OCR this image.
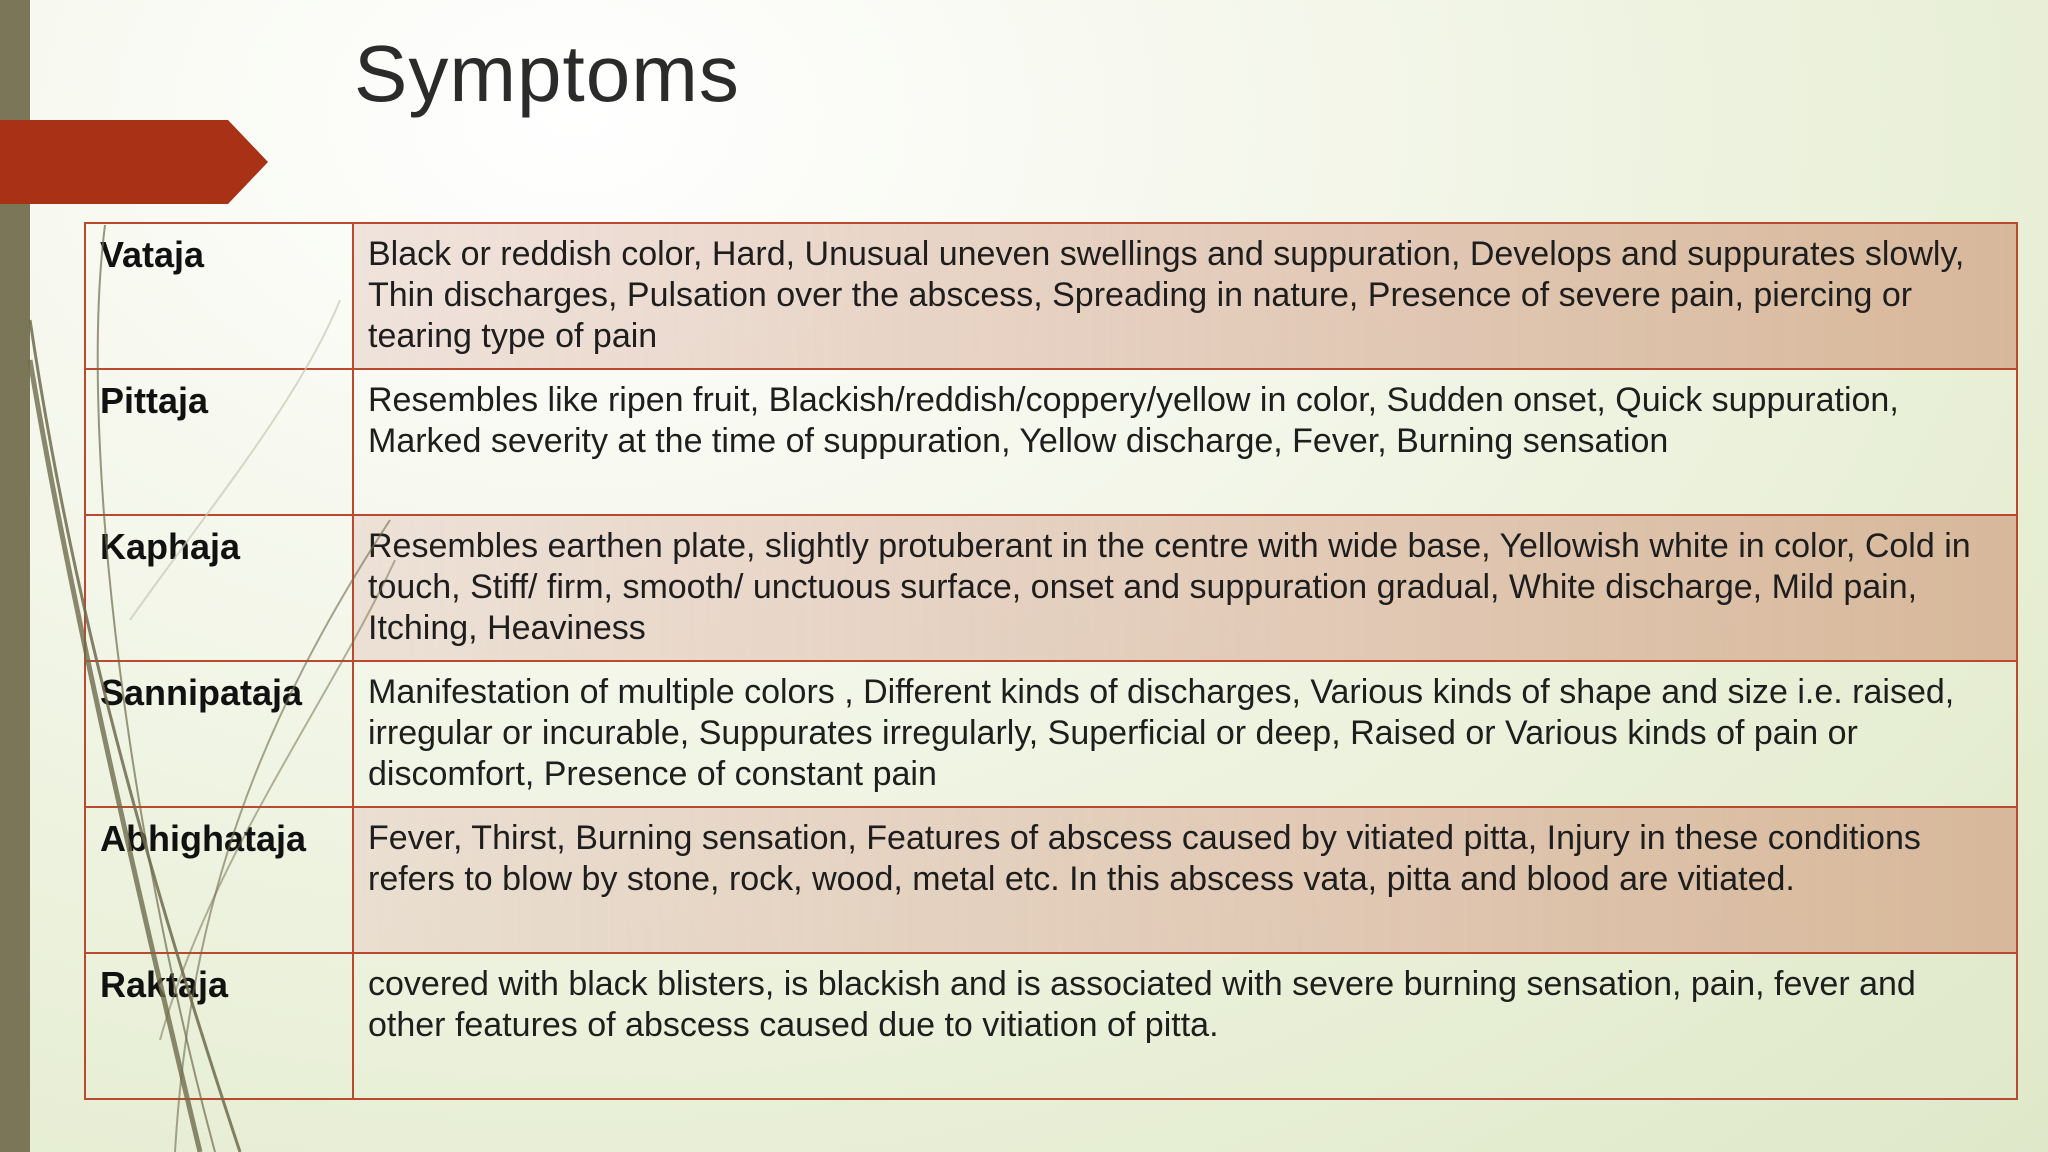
Symptoms
Vataja	Black or reddish color, Hard, Unusual uneven swellings and suppuration, Develops and suppurates slowly, Thin discharges, Pulsation over the abscess, Spreading in nature, Presence of severe pain, piercing or tearing type of pain
Pittaja	Resembles like ripen fruit, Blackish/reddish/coppery/yellow in color, Sudden onset, Quick suppuration, Marked severity at the time of suppuration, Yellow discharge, Fever, Burning sensation
Kaphaja	Resembles earthen plate, slightly protuberant in the centre with wide base, Yellowish white in color, Cold in touch, Stiff/ firm, smooth/ unctuous surface, onset and suppuration gradual, White discharge, Mild pain, Itching, Heaviness
Sannipataja	Manifestation of multiple colors , Different kinds of discharges, Various kinds of shape and size i.e. raised, irregular or incurable, Suppurates irregularly, Superficial or deep, Raised or Various kinds of pain or discomfort, Presence of constant pain
Abhighataja	Fever, Thirst, Burning sensation, Features of abscess caused by vitiated pitta, Injury in these conditions refers to blow by stone, rock, wood, metal etc. In this abscess vata, pitta and blood are vitiated.
Raktaja	covered with black blisters, is blackish and is associated with severe burning sensation, pain, fever and other features of abscess caused due to vitiation of pitta.
